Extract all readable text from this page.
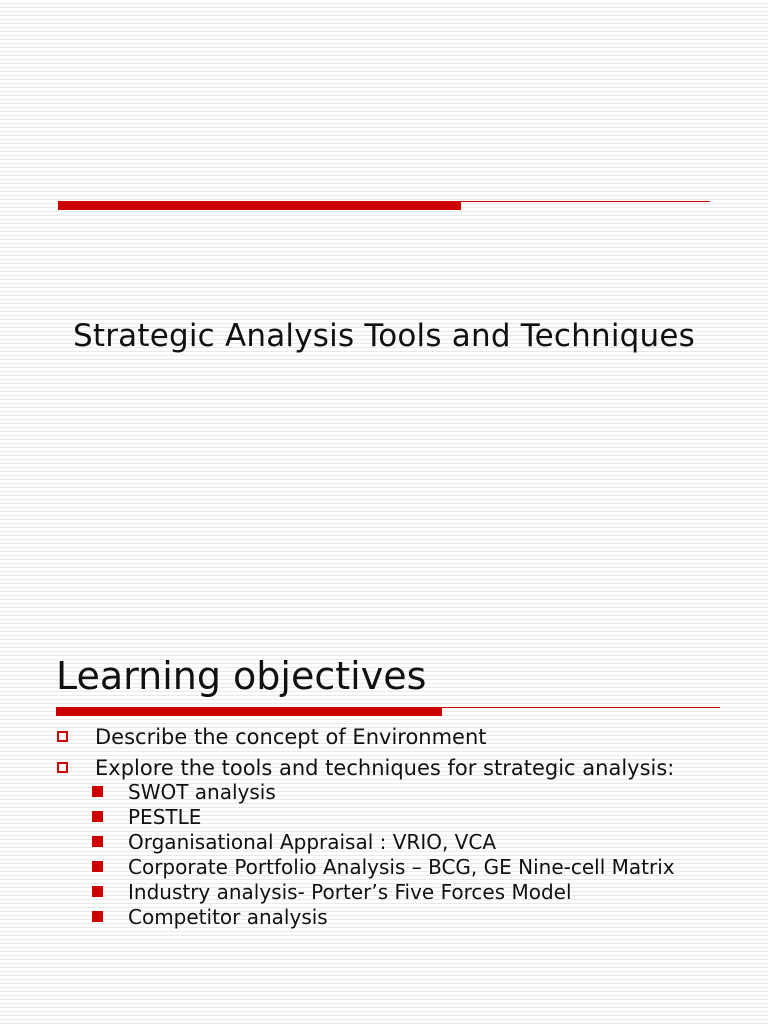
Strategic Analysis Tools and Techniques
Learning objectives
Describe the concept of Environment
Explore the tools and techniques for strategic analysis:
SWOT analysis
PESTLE
Organisational Appraisal : VRIO, VCA
Corporate Portfolio Analysis – BCG, GE Nine-cell Matrix
Industry analysis- Porter’s Five Forces Model
Competitor analysis
